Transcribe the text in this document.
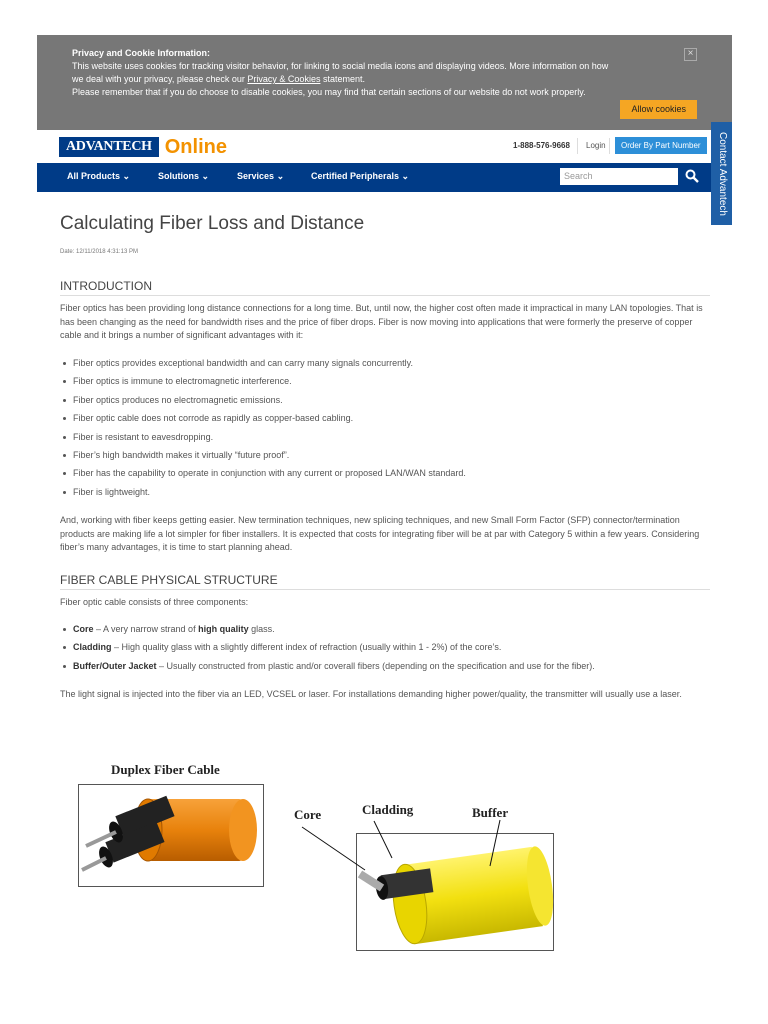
Privacy and Cookie Information:
This website uses cookies for tracking visitor behavior, for linking to social media icons and displaying videos. More information on how
we deal with your privacy, please check our Privacy & Cookies statement.
Please remember that if you do choose to disable cookies, you may find that certain sections of our website do not work properly.
×
Allow cookies
ADVANTECH Online	1-888-576-9668 Login	Order By Part Number
All Products ⌄	Solutions ⌄	Services ⌄	Certified Peripherals ⌄	Search	Contact Advantech
Calculating Fiber Loss and Distance
Date: 12/11/2018 4:31:13 PM
INTRODUCTION

Fiber optics has been providing long distance connections for a long time. But, until now, the higher cost often made it impractical in many LAN topologies. That is has been changing as the need for bandwidth rises and the price of fiber drops. Fiber is now moving into applications that were formerly the preserve of copper cable and it brings a number of significant advantages with it:

Fiber optics provides exceptional bandwidth and can carry many signals concurrently.
Fiber optics is immune to electromagnetic interference.
Fiber optics produces no electromagnetic emissions.
Fiber optic cable does not corrode as rapidly as copper-based cabling.
Fiber is resistant to eavesdropping.
Fiber’s high bandwidth makes it virtually “future proof”.
Fiber has the capability to operate in conjunction with any current or proposed LAN/WAN standard.
Fiber is lightweight.

And, working with fiber keeps getting easier. New termination techniques, new splicing techniques, and new Small Form Factor (SFP) connector/termination products are making life a lot simpler for fiber installers. It is expected that costs for integrating fiber will be at par with Category 5 within a few years. Considering fiber’s many advantages, it is time to start planning ahead.

FIBER CABLE PHYSICAL STRUCTURE

Fiber optic cable consists of three components:

Core – A very narrow strand of high quality glass.
Cladding – High quality glass with a slightly different index of refraction (usually within 1 - 2%) of the core’s.
Buffer/Outer Jacket – Usually constructed from plastic and/or coverall fibers (depending on the specification and use for the fiber).

The light signal is injected into the fiber via an LED, VCSEL or laser. For installations demanding higher power/quality, the transmitter will usually use a laser.

Duplex Fiber Cable
Core	Cladding	Buffer
